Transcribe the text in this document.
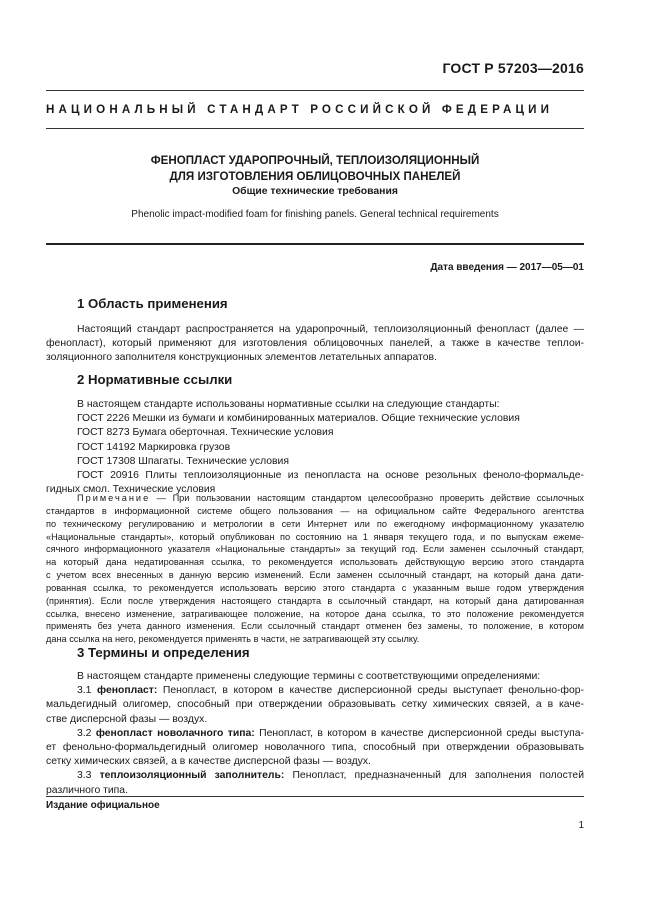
ГОСТ Р 57203—2016
НАЦИОНАЛЬНЫЙ СТАНДАРТ РОССИЙСКОЙ ФЕДЕРАЦИИ
ФЕНОПЛАСТ УДАРОПРОЧНЫЙ, ТЕПЛОИЗОЛЯЦИОННЫЙ
ДЛЯ ИЗГОТОВЛЕНИЯ ОБЛИЦОВОЧНЫХ ПАНЕЛЕЙ
Общие технические требования
Phenolic impact-modified foam for finishing panels. General technical requirements
Дата введения — 2017—05—01
1 Область применения
Настоящий стандарт распространяется на ударопрочный, теплоизоляционный фенопласт (далее —
фенопласт), который применяют для изготовления облицовочных панелей, а также в качестве теплои-
золяционного заполнителя конструкционных элементов летательных аппаратов.
2 Нормативные ссылки
В настоящем стандарте использованы нормативные ссылки на следующие стандарты:
ГОСТ 2226 Мешки из бумаги и комбинированных материалов. Общие технические условия
ГОСТ 8273 Бумага оберточная. Технические условия
ГОСТ 14192 Маркировка грузов
ГОСТ 17308 Шпагаты. Технические условия
ГОСТ 20916 Плиты теплоизоляционные из пенопласта на основе резольных феноло-формальде-
гидных смол. Технические условия
Примечание — При пользовании настоящим стандартом целесообразно проверить действие ссылочных
стандартов в информационной системе общего пользования — на официальном сайте Федерального агентства
по техническому регулированию и метрологии в сети Интернет или по ежегодному информационному указателю
«Национальные стандарты», который опубликован по состоянию на 1 января текущего года, и по выпускам ежеме-
сячного информационного указателя «Национальные стандарты» за текущий год. Если заменен ссылочный стандарт,
на который дана недатированная ссылка, то рекомендуется использовать действующую версию этого стандарта
с учетом всех внесенных в данную версию изменений. Если заменен ссылочный стандарт, на который дана дати-
рованная ссылка, то рекомендуется использовать версию этого стандарта с указанным выше годом утверждения
(принятия). Если после утверждения настоящего стандарта в ссылочный стандарт, на который дана датированная
ссылка, внесено изменение, затрагивающее положение, на которое дана ссылка, то это положение рекомендуется
применять без учета данного изменения. Если ссылочный стандарт отменен без замены, то положение, в котором
дана ссылка на него, рекомендуется применять в части, не затрагивающей эту ссылку.
3 Термины и определения
В настоящем стандарте применены следующие термины с соответствующими определениями:
3.1 фенопласт: Пенопласт, в котором в качестве дисперсионной среды выступает фенольно-фор-
мальдегидный олигомер, способный при отверждении образовывать сетку химических связей, а в каче-
стве дисперсной фазы — воздух.
3.2 фенопласт новолачного типа: Пенопласт, в котором в качестве дисперсионной среды выступа-
ет фенольно-формальдегидный олигомер новолачного типа, способный при отверждении образовывать
сетку химических связей, а в качестве дисперсной фазы — воздух.
3.3 теплоизоляционный заполнитель: Пенопласт, предназначенный для заполнения полостей
различного типа.
Издание официальное
1
